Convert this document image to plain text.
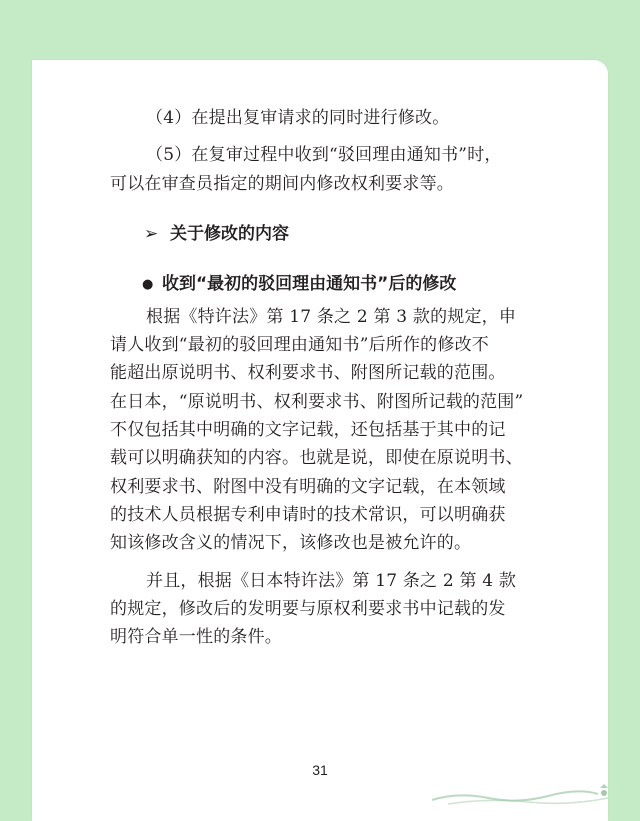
（4）在提出复审请求的同时进行修改。
（5）在复审过程中收到“驳回理由通知书”时，
可以在审查员指定的期间内修改权利要求等。
➢ 关于修改的内容
● 收到“最初的驳回理由通知书”后的修改
根据《特许法》第 17 条之 2 第 3 款的规定，申
请人收到“最初的驳回理由通知书”后所作的修改不
能超出原说明书、权利要求书、附图所记载的范围。
在日本，“原说明书、权利要求书、附图所记载的范围”
不仅包括其中明确的文字记载，还包括基于其中的记
载可以明确获知的内容。也就是说，即使在原说明书、
权利要求书、附图中没有明确的文字记载，在本领域
的技术人员根据专利申请时的技术常识，可以明确获
知该修改含义的情况下，该修改也是被允许的。
并且，根据《日本特许法》第 17 条之 2 第 4 款
的规定，修改后的发明要与原权利要求书中记载的发
明符合单一性的条件。
31
